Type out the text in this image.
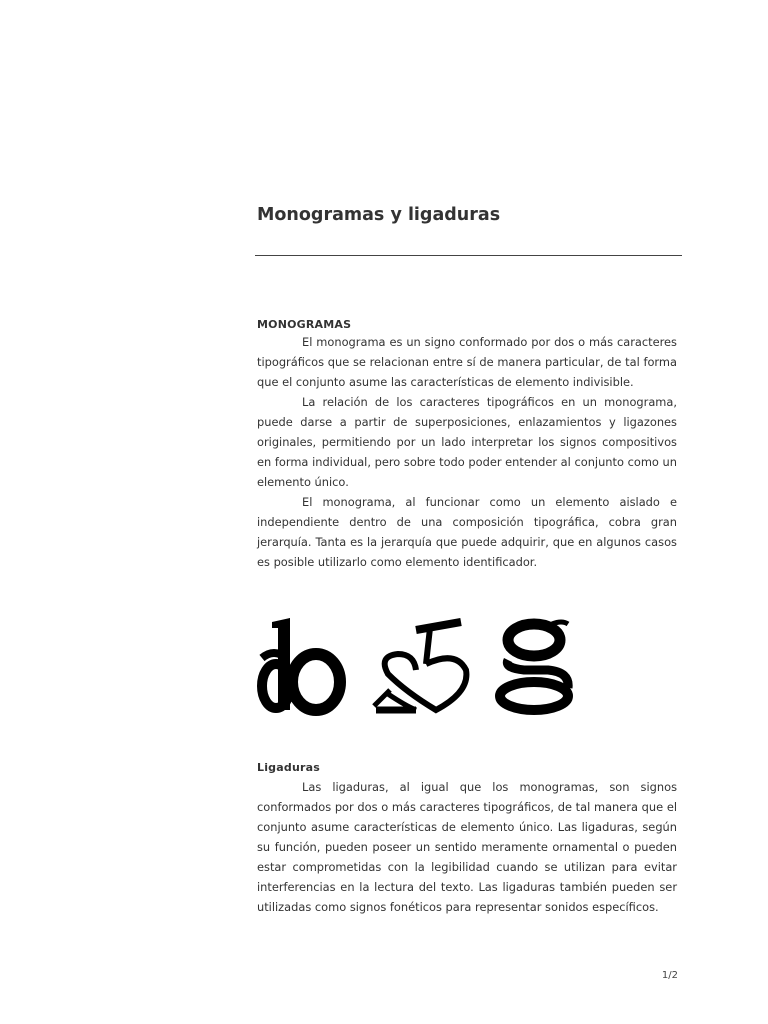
Monogramas y ligaduras
MONOGRAMAS

El monograma es un signo conformado por dos o más caracteres tipográficos que se relacionan entre sí de manera particular, de tal forma que el conjunto asume las características de elemento indivisible.

La relación de los caracteres tipográficos en un monograma, puede darse a partir de superposiciones, enlazamientos y ligazones originales, permitiendo por un lado interpretar los signos compositivos en forma individual, pero sobre todo poder entender al conjunto como un elemento único.

El monograma, al funcionar como un elemento aislado e independiente dentro de una composición tipográfica, cobra gran jerarquía. Tanta es la jerarquía que puede adquirir, que en algunos casos es posible utilizarlo como elemento identificador.

Ligaduras

Las ligaduras, al igual que los monogramas, son signos conformados por dos o más caracteres tipográficos, de tal manera que el conjunto asume características de elemento único. Las ligaduras, según su función, pueden poseer un sentido meramente ornamental o pueden estar comprometidas con la legibilidad cuando se utilizan para evitar interferencias en la lectura del texto. Las ligaduras también pueden ser utilizadas como signos fonéticos para representar sonidos específicos.

1/2
